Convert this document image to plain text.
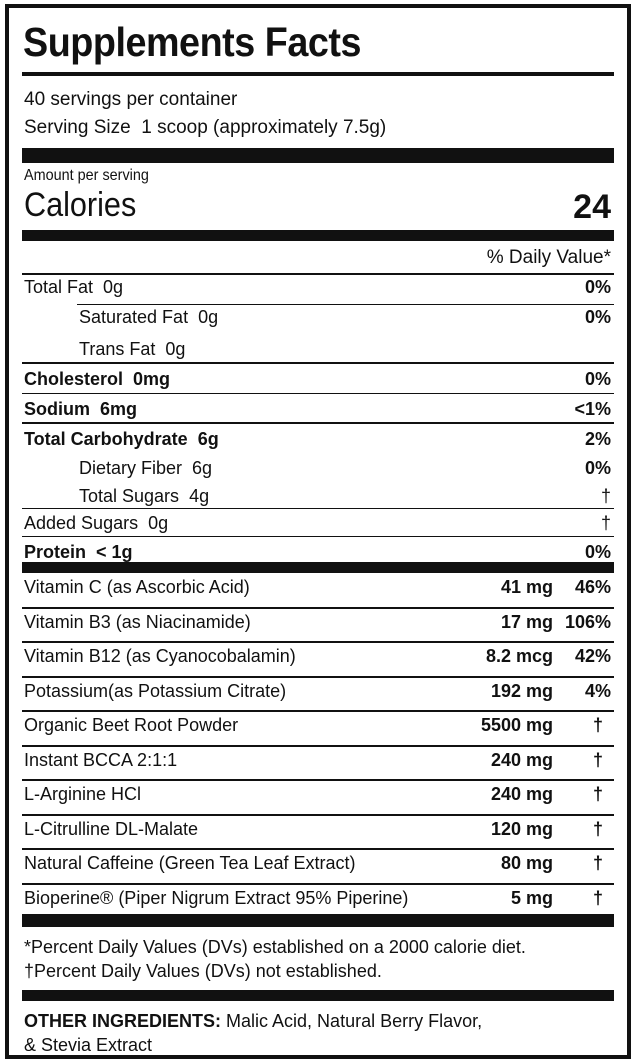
Supplements Facts
40 servings per container
Serving Size 1 scoop (approximately 7.5g)
Amount per serving
Calories	24
% Daily Value*
Total Fat  0g	0%
Saturated Fat  0g	0%
Trans Fat  0g
Cholesterol  0mg	0%
Sodium  6mg	<1%
Total Carbohydrate  6g	2%
Dietary Fiber  6g	0%
Total Sugars  4g	†
Added Sugars  0g	†
Protein  < 1g	0%
Vitamin C (as Ascorbic Acid)	41 mg	46%
Vitamin B3 (as Niacinamide)	17 mg 106%
Vitamin B12 (as Cyanocobalamin)	8.2 mcg	42%
Potassium(as Potassium Citrate)	192 mg	4%
Organic Beet Root Powder	5500 mg	†
Instant BCCA 2:1:1	240 mg	†
L-Arginine HCl	240 mg	†
L-Citrulline DL-Malate	120 mg	†
Natural Caffeine (Green Tea Leaf Extract)	80 mg	†
Bioperine® (Piper Nigrum Extract 95% Piperine)	5 mg	†
*Percent Daily Values (DVs) established on a 2000 calorie diet.
†Percent Daily Values (DVs) not established.
OTHER INGREDIENTS: Malic Acid, Natural Berry Flavor,
& Stevia Extract
